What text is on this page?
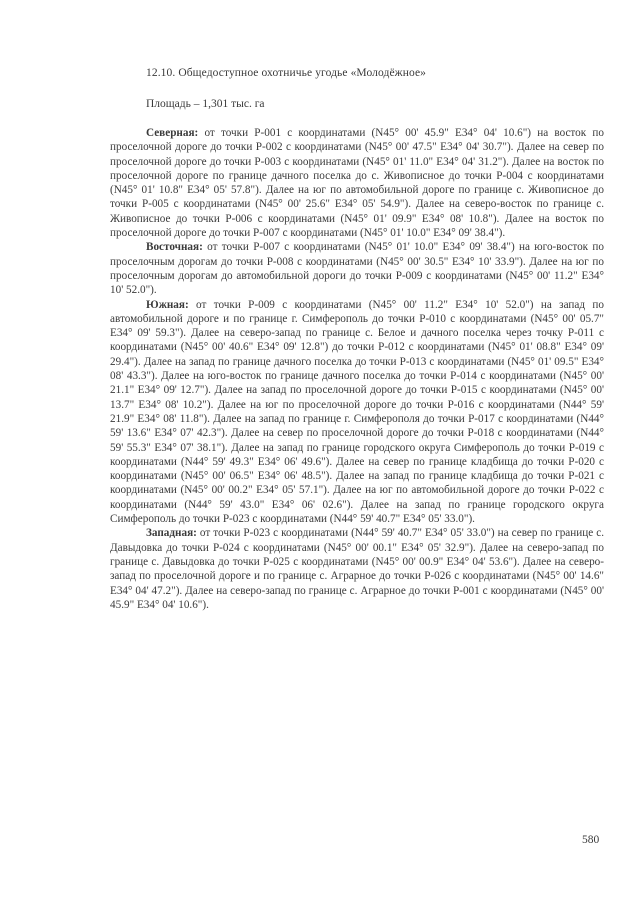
12.10. Общедоступное охотничье угодье «Молодёжное»
Площадь – 1,301 тыс. га

Северная: от точки Р-001 с координатами (N45° 00' 45.9" E34° 04' 10.6") на восток по проселочной дороге до точки Р-002 с координатами (N45° 00' 47.5" E34° 04' 30.7"). Далее на север по проселочной дороге до точки Р-003 с координатами (N45° 01' 11.0" E34° 04' 31.2"). Далее на восток по проселочной дороге по границе дачного поселка до с. Живописное до точки Р-004 с координатами (N45° 01' 10.8" E34° 05' 57.8"). Далее на юг по автомобильной дороге по границе с. Живописное до точки Р-005 с координатами (N45° 00' 25.6" E34° 05' 54.9"). Далее на северо-восток по границе с. Живописное до точки Р-006 с координатами (N45° 01' 09.9" E34° 08' 10.8"). Далее на восток по проселочной дороге до точки Р-007 с координатами (N45° 01' 10.0" E34° 09' 38.4").

Восточная: от точки Р-007 с координатами (N45° 01' 10.0" E34° 09' 38.4") на юго-восток по проселочным дорогам до точки Р-008 с координатами (N45° 00' 30.5" E34° 10' 33.9"). Далее на юг по проселочным дорогам до автомобильной дороги до точки Р-009 с координатами (N45° 00' 11.2" E34° 10' 52.0").

Южная: от точки Р-009 с координатами (N45° 00' 11.2" E34° 10' 52.0") на запад по автомобильной дороге и по границе г. Симферополь до точки Р-010 с координатами (N45° 00' 05.7" E34° 09' 59.3"). Далее на северо-запад по границе с. Белое и дачного поселка через точку Р-011 с координатами (N45° 00' 40.6" E34° 09' 12.8") до точки Р-012 с координатами (N45° 01' 08.8" E34° 09' 29.4"). Далее на запад по границе дачного поселка до точки Р-013 с координатами (N45° 01' 09.5" E34° 08' 43.3"). Далее на юго-восток по границе дачного поселка до точки Р-014 с координатами (N45° 00' 21.1" E34° 09' 12.7"). Далее на запад по проселочной дороге до точки Р-015 с координатами (N45° 00' 13.7" E34° 08' 10.2"). Далее на юг по проселочной дороге до точки Р-016 с координатами (N44° 59' 21.9" E34° 08' 11.8"). Далее на запад по границе г. Симферополя до точки Р-017 с координатами (N44° 59' 13.6" E34° 07' 42.3"). Далее на север по проселочной дороге до точки Р-018 с координатами (N44° 59' 55.3" E34° 07' 38.1"). Далее на запад по границе городского округа Симферополь до точки Р-019 с координатами (N44° 59' 49.3" E34° 06' 49.6"). Далее на север по границе кладбища до точки Р-020 с координатами (N45° 00' 06.5" E34° 06' 48.5"). Далее на запад по границе кладбища до точки Р-021 с координатами (N45° 00' 00.2" E34° 05' 57.1"). Далее на юг по автомобильной дороге до точки Р-022 с координатами (N44° 59' 43.0" E34° 06' 02.6"). Далее на запад по границе городского округа Симферополь до точки Р-023 с координатами (N44° 59' 40.7" E34° 05' 33.0").

Западная: от точки Р-023 с координатами (N44° 59' 40.7" E34° 05' 33.0") на север по границе с. Давыдовка до точки Р-024 с координатами (N45° 00' 00.1" E34° 05' 32.9"). Далее на северо-запад по границе с. Давыдовка до точки Р-025 с координатами (N45° 00' 00.9" E34° 04' 53.6"). Далее на северо-запад по проселочной дороге и по границе с. Аграрное до точки Р-026 с координатами (N45° 00' 14.6" E34° 04' 47.2"). Далее на северо-запад по границе с. Аграрное до точки Р-001 с координатами (N45° 00' 45.9" E34° 04' 10.6").

580
